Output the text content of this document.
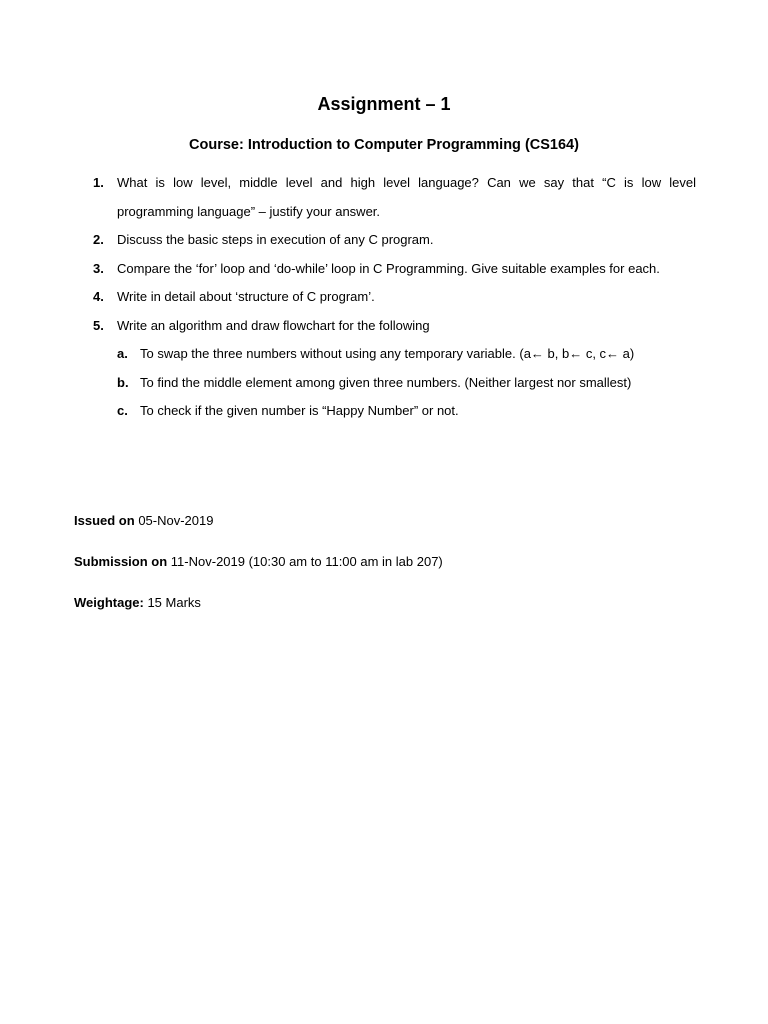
Assignment – 1
Course: Introduction to Computer Programming (CS164)
1. What is low level, middle level and high level language? Can we say that “C is low level programming language” – justify your answer.
2. Discuss the basic steps in execution of any C program.
3. Compare the ‘for’ loop and ‘do-while’ loop in C Programming. Give suitable examples for each.
4. Write in detail about ‘structure of C program’.
5. Write an algorithm and draw flowchart for the following
a. To swap the three numbers without using any temporary variable. (a← b, b← c, c← a)
b. To find the middle element among given three numbers. (Neither largest nor smallest)
c. To check if the given number is “Happy Number” or not.
Issued on 05-Nov-2019
Submission on 11-Nov-2019 (10:30 am to 11:00 am in lab 207)
Weightage: 15 Marks
